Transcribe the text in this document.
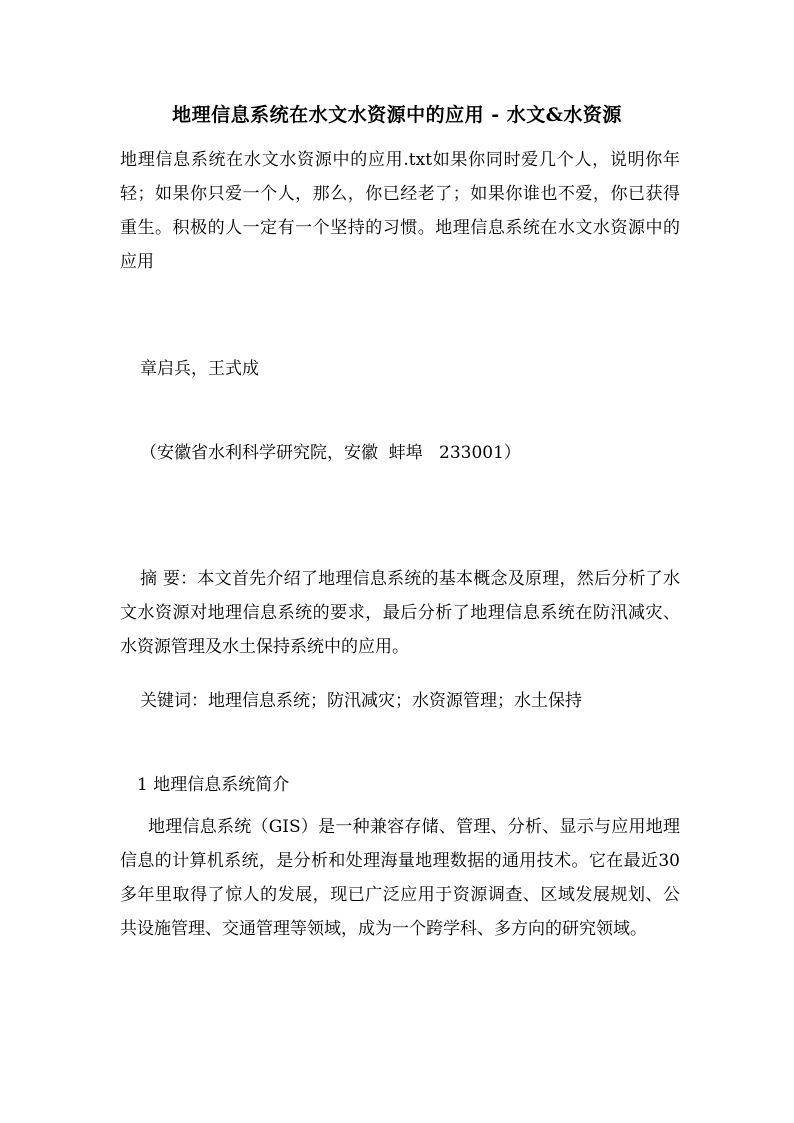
地理信息系统在水文水资源中的应用 - 水文&水资源
地理信息系统在水文水资源中的应用.txt如果你同时爱几个人，说明你年轻；如果你只爱一个人，那么，你已经老了；如果你谁也不爱，你已获得重生。积极的人一定有一个坚持的习惯。地理信息系统在水文水资源中的应用
章启兵，王式成
（安徽省水利科学研究院，安徽  蚌埠   233001）
摘 要：本文首先介绍了地理信息系统的基本概念及原理，然后分析了水文水资源对地理信息系统的要求，最后分析了地理信息系统在防汛减灾、水资源管理及水土保持系统中的应用。
关键词：地理信息系统；防汛减灾；水资源管理；水土保持
1 地理信息系统简介
地理信息系统（GIS）是一种兼容存储、管理、分析、显示与应用地理信息的计算机系统，是分析和处理海量地理数据的通用技术。它在最近30多年里取得了惊人的发展，现已广泛应用于资源调查、区域发展规划、公共设施管理、交通管理等领域，成为一个跨学科、多方向的研究领域。
